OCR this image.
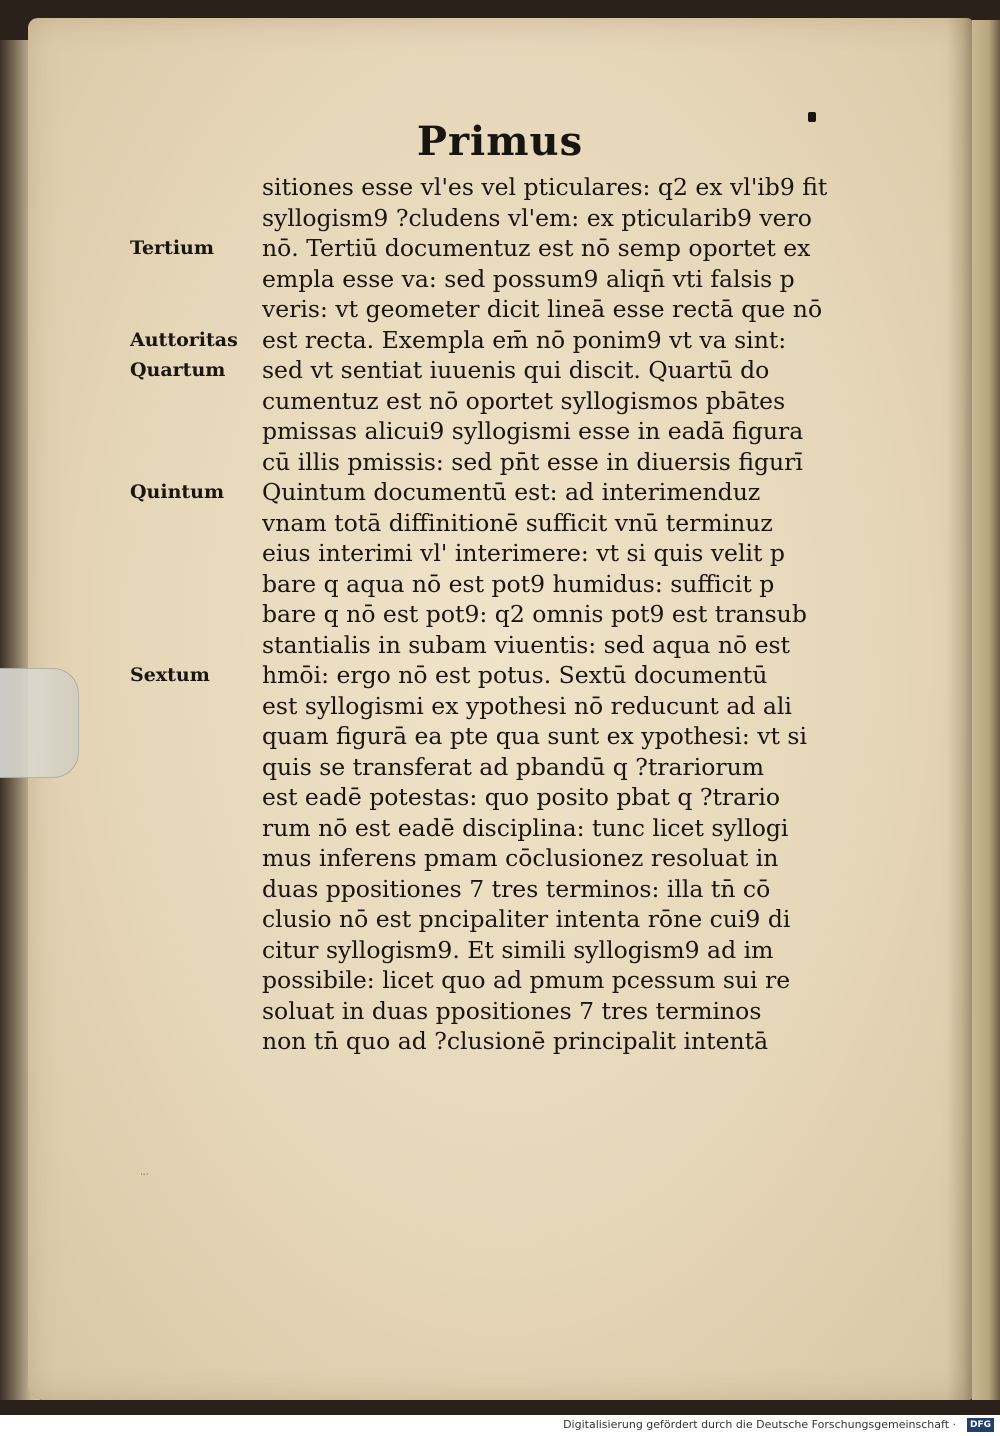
Primus
sitiones esse vl'es vel pticulares: q2 ex vl'ib9 fit
syllogism9 ?cludens vl'em: ex pticularib9 vero
nō. Tertiū documentuz est nō semp oportet ex
empla esse va: sed possum9 aliqn̄ vti falsis p
veris: vt geometer dicit lineā esse rectā que nō
est recta. Exempla em̄ nō ponim9 vt va sint:
sed vt sentiat iuuenis qui discit. Quartū do
cumentuz est nō oportet syllogismos pbātes
pmissas alicui9 syllogismi esse in eadā figura
cū illis pmissis: sed pn̄t esse in diuersis figurī
Quintum documentū est: ad interimenduz
vnam totā diffinitionē sufficit vnū terminuz
eius interimi vl' interimere: vt si quis velit p
bare q aqua nō est pot9 humidus: sufficit p
bare q nō est pot9: q2 omnis pot9 est transub
stantialis in subam viuentis: sed aqua nō est
hmōi: ergo nō est potus. Sextū documentū
est syllogismi ex ypothesi nō reducunt ad ali
quam figurā ea pte qua sunt ex ypothesi: vt si
quis se transferat ad pbandū q ?trariorum
est eadē potestas: quo posito pbat q ?trario
rum nō est eadē disciplina: tunc licet syllogi
mus inferens pmam cōclusionez resoluat in
duas ppositiones 7 tres terminos: illa tn̄ cō
clusio nō est pncipaliter intenta rōne cui9 di
citur syllogism9. Et simili syllogism9 ad im
possibile: licet quo ad pmum pcessum sui re
soluat in duas ppositiones 7 tres terminos
non tn̄ quo ad ?clusionē principalit intentā
Tertium
Auttoritas
Quartum
Quintum
Sextum
ᐧ·ᐧ
Digitalisierung gefördert durch die Deutsche Forschungsgemeinschaft ·	DFG
